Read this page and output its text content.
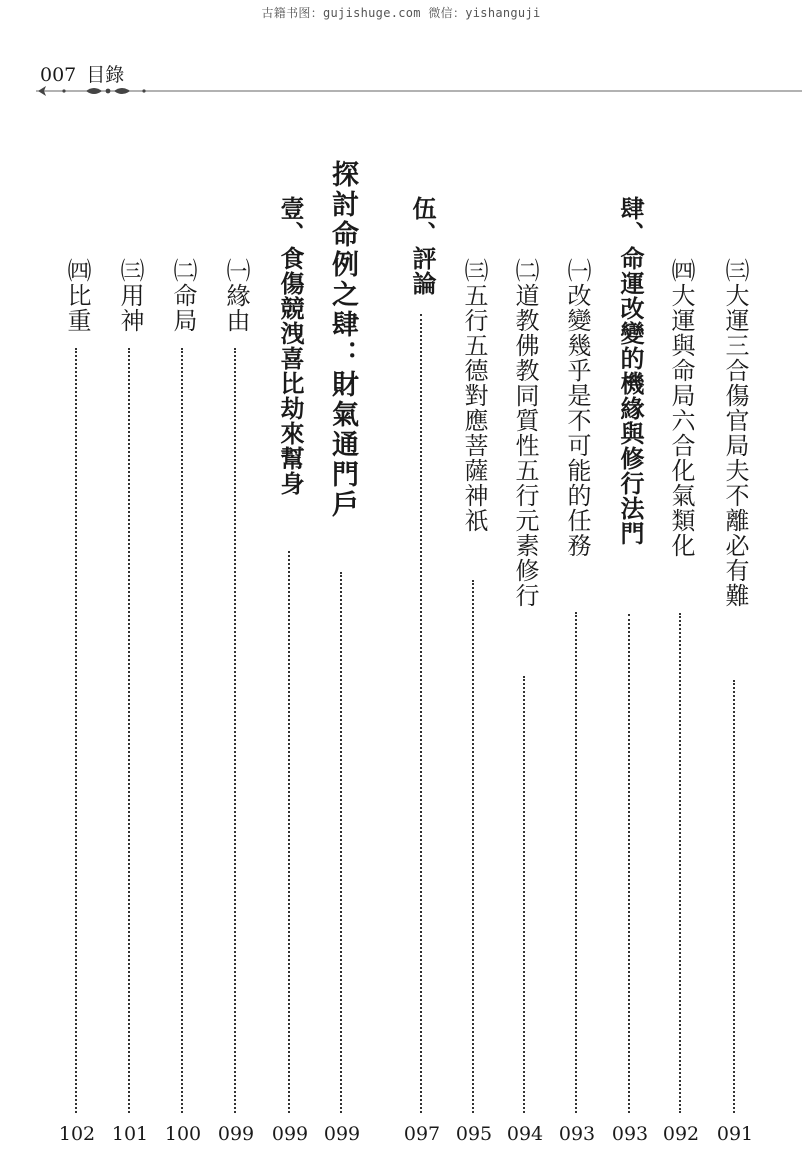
古籍书图：gujishuge.com 微信：yishanguji
007 目錄
㈢大運三合傷官局夫不離必有難
091
㈣大運與命局六合化氣類化
092
肆、命運改變的機緣與修行法門
093
㈠改變幾乎是不可能的任務
093
㈡道教佛教同質性五行元素修行
094
㈢五行五德對應菩薩神祇
095
伍、評論
097
探討命例之肆：財氣通門戶
099
壹、食傷競洩喜比劫來幫身
099
㈠緣由
099
㈡命局
100
㈢用神
101
㈣比重
102
